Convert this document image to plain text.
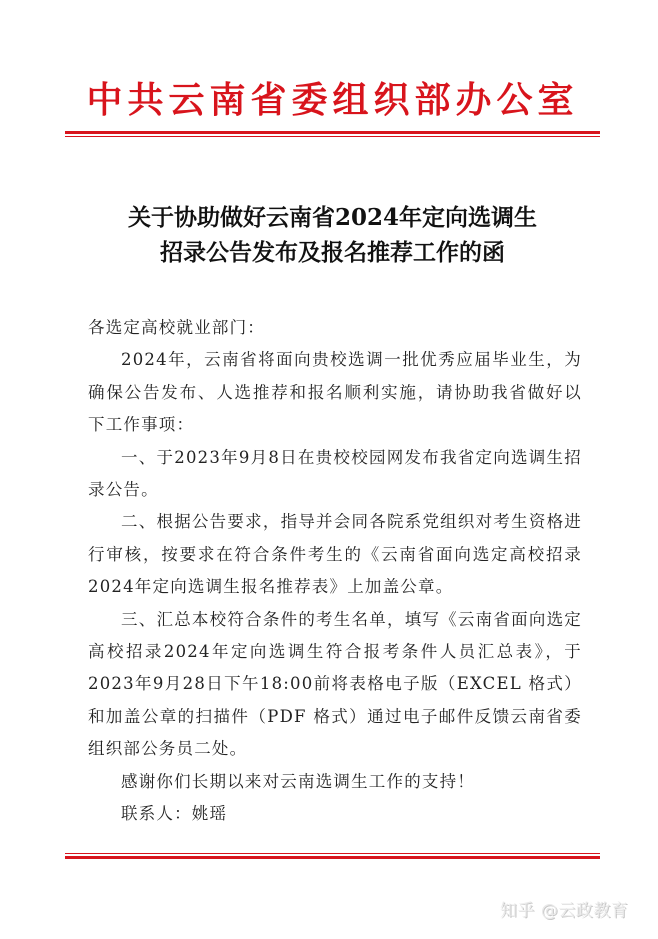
中共云南省委组织部办公室
关于协助做好云南省2024年定向选调生
招录公告发布及报名推荐工作的函

各选定高校就业部门：

2024年，云南省将面向贵校选调一批优秀应届毕业生，为确保公告发布、人选推荐和报名顺利实施，请协助我省做好以下工作事项：

一、于2023年9月8日在贵校校园网发布我省定向选调生招录公告。

二、根据公告要求，指导并会同各院系党组织对考生资格进行审核，按要求在符合条件考生的《云南省面向选定高校招录2024年定向选调生报名推荐表》上加盖公章。

三、汇总本校符合条件的考生名单，填写《云南省面向选定高校招录2024年定向选调生符合报考条件人员汇总表》，于2023年9月28日下午18:00前将表格电子版（EXCEL 格式）和加盖公章的扫描件（PDF 格式）通过电子邮件反馈云南省委组织部公务员二处。

感谢你们长期以来对云南选调生工作的支持！

联系人：姚瑶

知乎 @云政教育
